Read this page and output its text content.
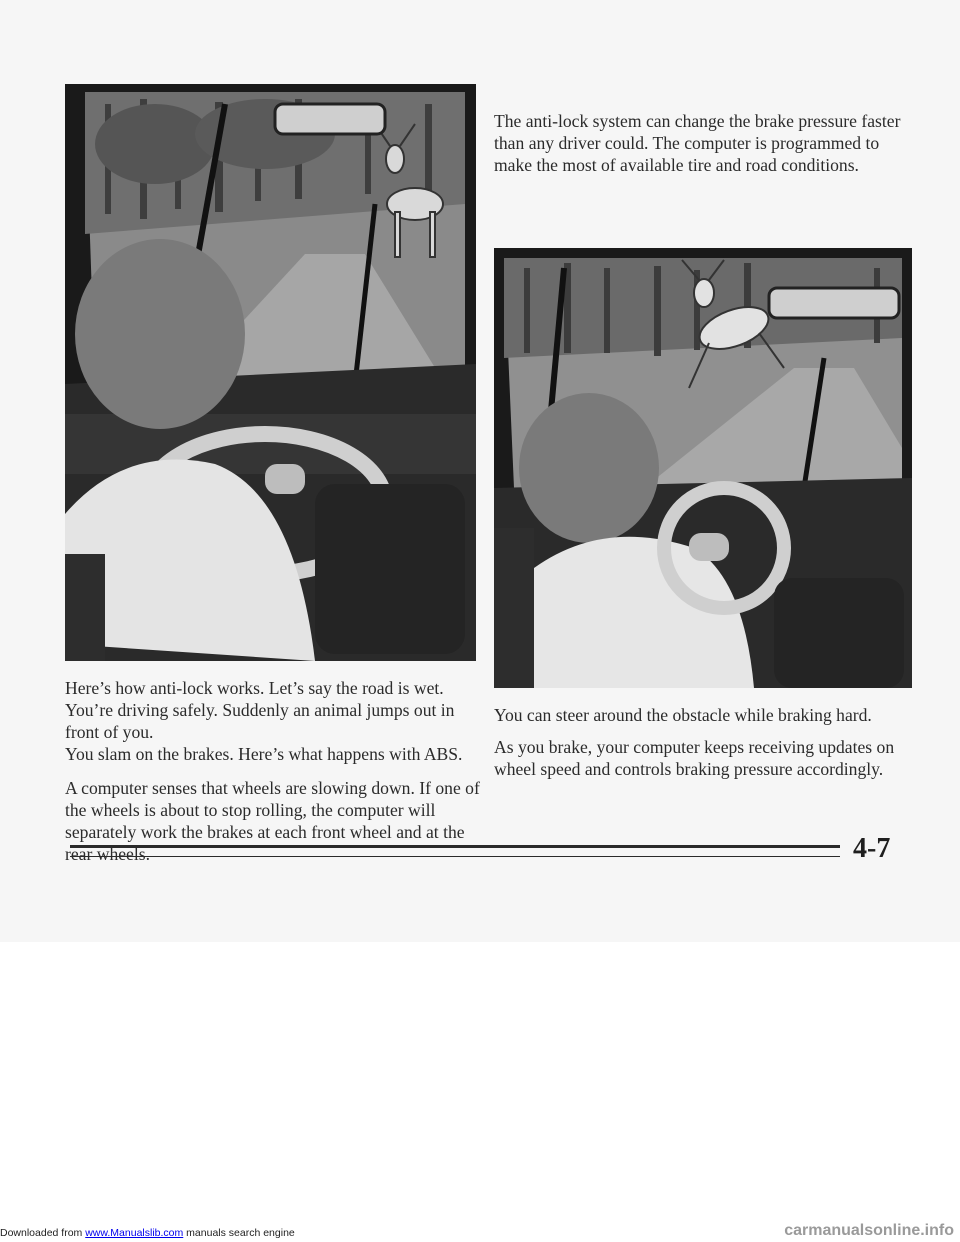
Here’s how anti-lock works. Let’s say the road is wet. You’re driving safely. Suddenly an animal jumps out in front of you.

You slam on the brakes. Here’s what happens with ABS.

A computer senses that wheels are slowing down. If one of the wheels is about to stop rolling, the computer will separately work the brakes at each front wheel and at the rear wheels.

The anti-lock system can change the brake pressure faster than any driver could. The computer is programmed to make the most of available tire and road conditions.

You can steer around the obstacle while braking hard.

As you brake, your computer keeps receiving updates on wheel speed and controls braking pressure accordingly.

4-7
Downloaded from www.Manualslib.com manuals search engine	carmanualsonline.info
